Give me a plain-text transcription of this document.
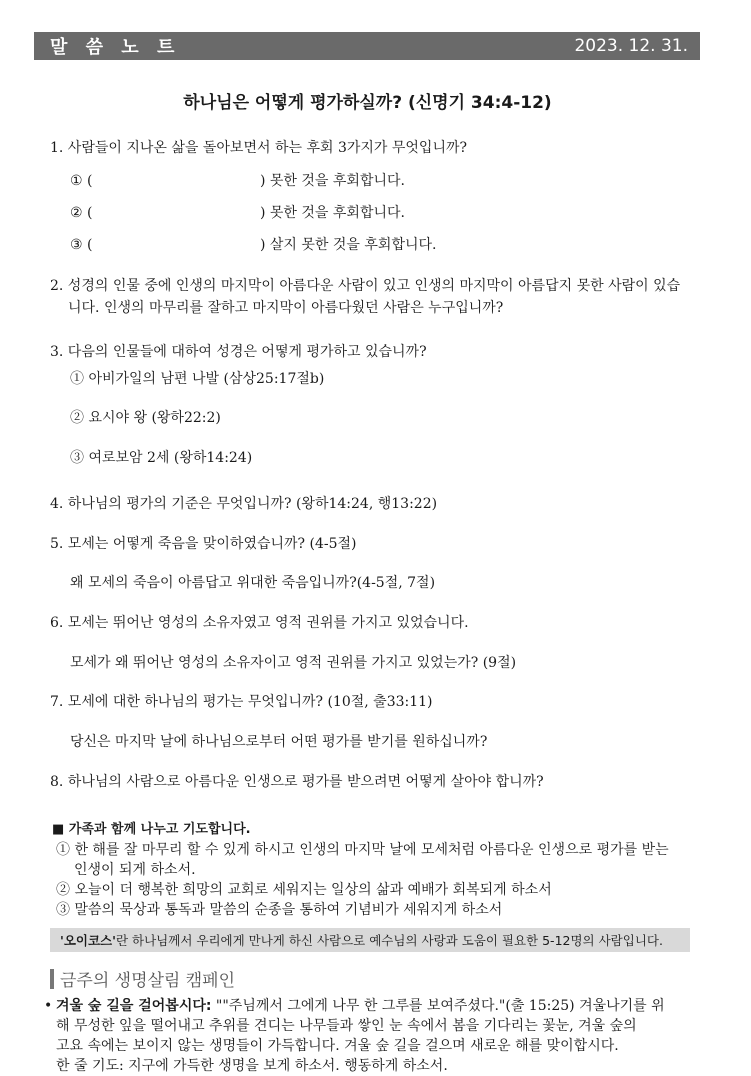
말 씀 노 트	2023. 12. 31.
하나님은 어떻게 평가하실까? (신명기 34:4-12)
1. 사람들이 지나온 삶을 돌아보면서 하는 후회 3가지가 무엇입니까?
① (	) 못한 것을 후회합니다.
② (	) 못한 것을 후회합니다.
③ (	) 살지 못한 것을 후회합니다.
2. 성경의 인물 중에 인생의 마지막이 아름다운 사람이 있고 인생의 마지막이 아름답지 못한 사람이 있습
니다. 인생의 마무리를 잘하고 마지막이 아름다웠던 사람은 누구입니까?
3. 다음의 인물들에 대하여 성경은 어떻게 평가하고 있습니까?
① 아비가일의 남편 나발 (삼상25:17절b)
② 요시야 왕 (왕하22:2)
③ 여로보암 2세 (왕하14:24)
4. 하나님의 평가의 기준은 무엇입니까? (왕하14:24, 행13:22)
5. 모세는 어떻게 죽음을 맞이하였습니까? (4-5절)
왜 모세의 죽음이 아름답고 위대한 죽음입니까?(4-5절, 7절)
6. 모세는 뛰어난 영성의 소유자였고 영적 권위를 가지고 있었습니다.
모세가 왜 뛰어난 영성의 소유자이고 영적 권위를 가지고 있었는가? (9절)
7. 모세에 대한 하나님의 평가는 무엇입니까? (10절, 출33:11)
당신은 마지막 날에 하나님으로부터 어떤 평가를 받기를 원하십니까?
8. 하나님의 사람으로 아름다운 인생으로 평가를 받으려면 어떻게 살아야 합니까?
■ 가족과 함께 나누고 기도합니다.
① 한 해를 잘 마무리 할 수 있게 하시고 인생의 마지막 날에 모세처럼 아름다운 인생으로 평가를 받는
인생이 되게 하소서.
② 오늘이 더 행복한 희망의 교회로 세워지는 일상의 삶과 예배가 회복되게 하소서
③ 말씀의 묵상과 통독과 말씀의 순종을 통하여 기념비가 세워지게 하소서
'오이코스' 란 하나님께서 우리에게 만나게 하신 사람으로 예수님의 사랑과 도움이 필요한 5-12명의 사람입니다.
금주의 생명살림 캠페인
• 겨울 숲 길을 걸어봅시다: ""주님께서 그에게 나무 한 그루를 보여주셨다."(출 15:25) 겨울나기를 위
해 무성한 잎을 떨어내고 추위를 견디는 나무들과 쌓인 눈 속에서 봄을 기다리는 꽃눈, 겨울 숲의
고요 속에는 보이지 않는 생명들이 가득합니다. 겨울 숲 길을 걸으며 새로운 해를 맞이합시다.
한 줄 기도: 지구에 가득한 생명을 보게 하소서. 행동하게 하소서.
